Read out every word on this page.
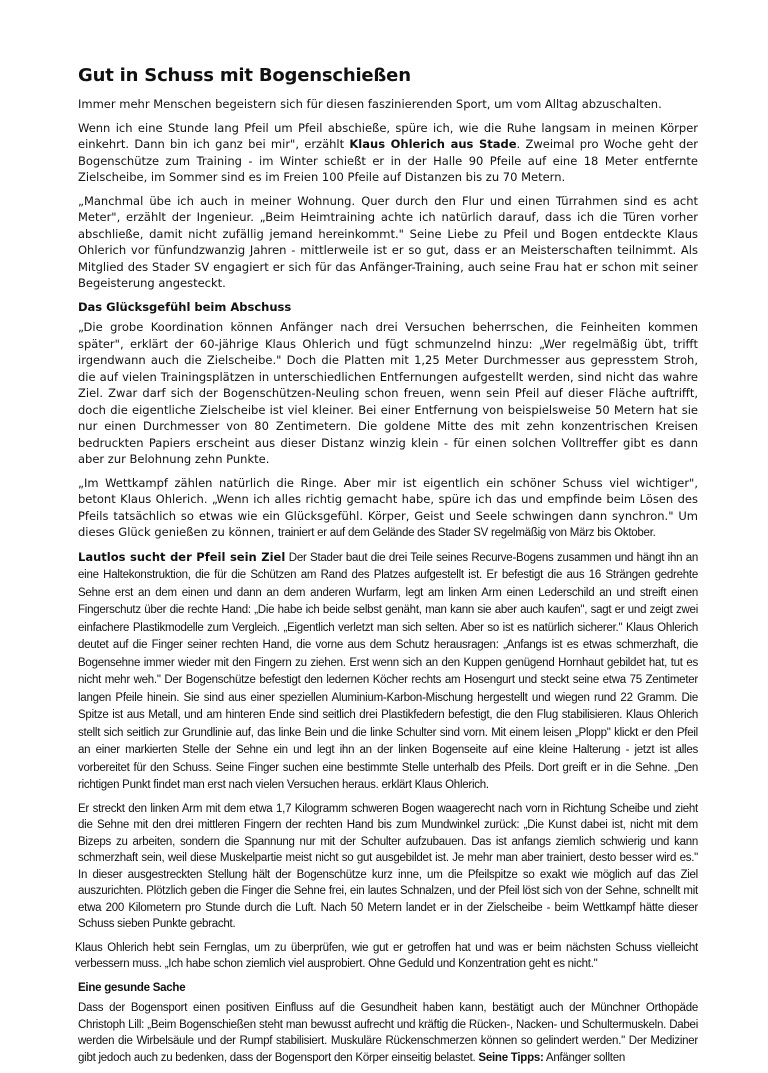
Gut in Schuss mit Bogenschießen

Immer mehr Menschen begeistern sich für diesen faszinierenden Sport, um vom Alltag abzuschalten.

Wenn ich eine Stunde lang Pfeil um Pfeil abschieße, spüre ich, wie die Ruhe langsam in meinen Körper einkehrt. Dann bin ich ganz bei mir", erzählt Klaus Ohlerich aus Stade. Zweimal pro Woche geht der Bogenschütze zum Training - im Winter schießt er in der Halle 90 Pfeile auf eine 18 Meter entfernte Zielscheibe, im Sommer sind es im Freien 100 Pfeile auf Distanzen bis zu 70 Metern.

„Manchmal übe ich auch in meiner Wohnung. Quer durch den Flur und einen Türrahmen sind es acht Meter", erzählt der Ingenieur. „Beim Heimtraining achte ich natürlich darauf, dass ich die Türen vorher abschließe, damit nicht zufällig jemand hereinkommt." Seine Liebe zu Pfeil und Bogen entdeckte Klaus Ohlerich vor fünfundzwanzig Jahren - mittlerweile ist er so gut, dass er an Meisterschaften teilnimmt. Als Mitglied des Stader SV engagiert er sich für das Anfänger-Training, auch seine Frau hat er schon mit seiner Begeisterung angesteckt.

Das Glücksgefühl beim Abschuss

„Die grobe Koordination können Anfänger nach drei Versuchen beherrschen, die Feinheiten kommen später", erklärt der 60-jährige Klaus Ohlerich und fügt schmunzelnd hinzu: „Wer regelmäßig übt, trifft irgendwann auch die Zielscheibe." Doch die Platten mit 1,25 Meter Durchmesser aus gepresstem Stroh, die auf vielen Trainingsplätzen in unterschiedlichen Entfernungen aufgestellt werden, sind nicht das wahre Ziel. Zwar darf sich der Bogenschützen-Neuling schon freuen, wenn sein Pfeil auf dieser Fläche auftrifft, doch die eigentliche Zielscheibe ist viel kleiner. Bei einer Entfernung von beispielsweise 50 Metern hat sie nur einen Durchmesser von 80 Zentimetern. Die goldene Mitte des mit zehn konzentrischen Kreisen bedruckten Papiers erscheint aus dieser Distanz winzig klein - für einen solchen Volltreffer gibt es dann aber zur Belohnung zehn Punkte.

„Im Wettkampf zählen natürlich die Ringe. Aber mir ist eigentlich ein schöner Schuss viel wichtiger", betont Klaus Ohlerich. „Wenn ich alles richtig gemacht habe, spüre ich das und empfinde beim Lösen des Pfeils tatsächlich so etwas wie ein Glücksgefühl. Körper, Geist und Seele schwingen dann synchron." Um dieses Glück genießen zu können, trainiert er auf dem Gelände des Stader SV regelmäßig von März bis Oktober.

Lautlos sucht der Pfeil sein Ziel Der Stader baut die drei Teile seines Recurve-Bogens zusammen und hängt ihn an eine Haltekonstruktion, die für die Schützen am Rand des Platzes aufgestellt ist. Er befestigt die aus 16 Strängen gedrehte Sehne erst an dem einen und dann an dem anderen Wurfarm, legt am linken Arm einen Lederschild an und streift einen Fingerschutz über die rechte Hand: „Die habe ich beide selbst genäht, man kann sie aber auch kaufen", sagt er und zeigt zwei einfachere Plastikmodelle zum Vergleich. „Eigentlich verletzt man sich selten. Aber so ist es natürlich sicherer." Klaus Ohlerich deutet auf die Finger seiner rechten Hand, die vorne aus dem Schutz herausragen: „Anfangs ist es etwas schmerzhaft, die Bogensehne immer wieder mit den Fingern zu ziehen. Erst wenn sich an den Kuppen genügend Hornhaut gebildet hat, tut es nicht mehr weh." Der Bogenschütze befestigt den ledernen Köcher rechts am Hosengurt und steckt seine etwa 75 Zentimeter langen Pfeile hinein. Sie sind aus einer speziellen Aluminium-Karbon-Mischung hergestellt und wiegen rund 22 Gramm. Die Spitze ist aus Metall, und am hinteren Ende sind seitlich drei Plastikfedern befestigt, die den Flug stabilisieren. Klaus Ohlerich stellt sich seitlich zur Grundlinie auf, das linke Bein und die linke Schulter sind vorn. Mit einem leisen „Plopp" klickt er den Pfeil an einer markierten Stelle der Sehne ein und legt ihn an der linken Bogenseite auf eine kleine Halterung - jetzt ist alles vorbereitet für den Schuss. Seine Finger suchen eine bestimmte Stelle unterhalb des Pfeils. Dort greift er in die Sehne. „Den richtigen Punkt findet man erst nach vielen Versuchen heraus. erklärt Klaus Ohlerich.

Er streckt den linken Arm mit dem etwa 1,7 Kilogramm schweren Bogen waagerecht nach vorn in Richtung Scheibe und zieht die Sehne mit den drei mittleren Fingern der rechten Hand bis zum Mundwinkel zurück: „Die Kunst dabei ist, nicht mit dem Bizeps zu arbeiten, sondern die Spannung nur mit der Schulter aufzubauen. Das ist anfangs ziemlich schwierig und kann schmerzhaft sein, weil diese Muskelpartie meist nicht so gut ausgebildet ist. Je mehr man aber trainiert, desto besser wird es." In dieser ausgestreckten Stellung hält der Bogenschütze kurz inne, um die Pfeilspitze so exakt wie möglich auf das Ziel auszurichten. Plötzlich geben die Finger die Sehne frei, ein lautes Schnalzen, und der Pfeil löst sich von der Sehne, schnellt mit etwa 200 Kilometern pro Stunde durch die Luft. Nach 50 Metern landet er in der Zielscheibe - beim Wettkampf hätte dieser Schuss sieben Punkte gebracht.

Klaus Ohlerich hebt sein Fernglas, um zu überprüfen, wie gut er getroffen hat und was er beim nächsten Schuss vielleicht verbessern muss. „Ich habe schon ziemlich viel ausprobiert. Ohne Geduld und Konzentration geht es nicht."

Eine gesunde Sache

Dass der Bogensport einen positiven Einfluss auf die Gesundheit haben kann, bestätigt auch der Münchner Orthopäde Christoph Lill: „Beim Bogenschießen steht man bewusst aufrecht und kräftig die Rücken-, Nacken- und Schultermuskeln. Dabei werden die Wirbelsäule und der Rumpf stabilisiert. Muskuläre Rückenschmerzen können so gelindert werden." Der Mediziner gibt jedoch auch zu bedenken, dass der Bogensport den Körper einseitig belastet. Seine Tipps: Anfänger sollten
